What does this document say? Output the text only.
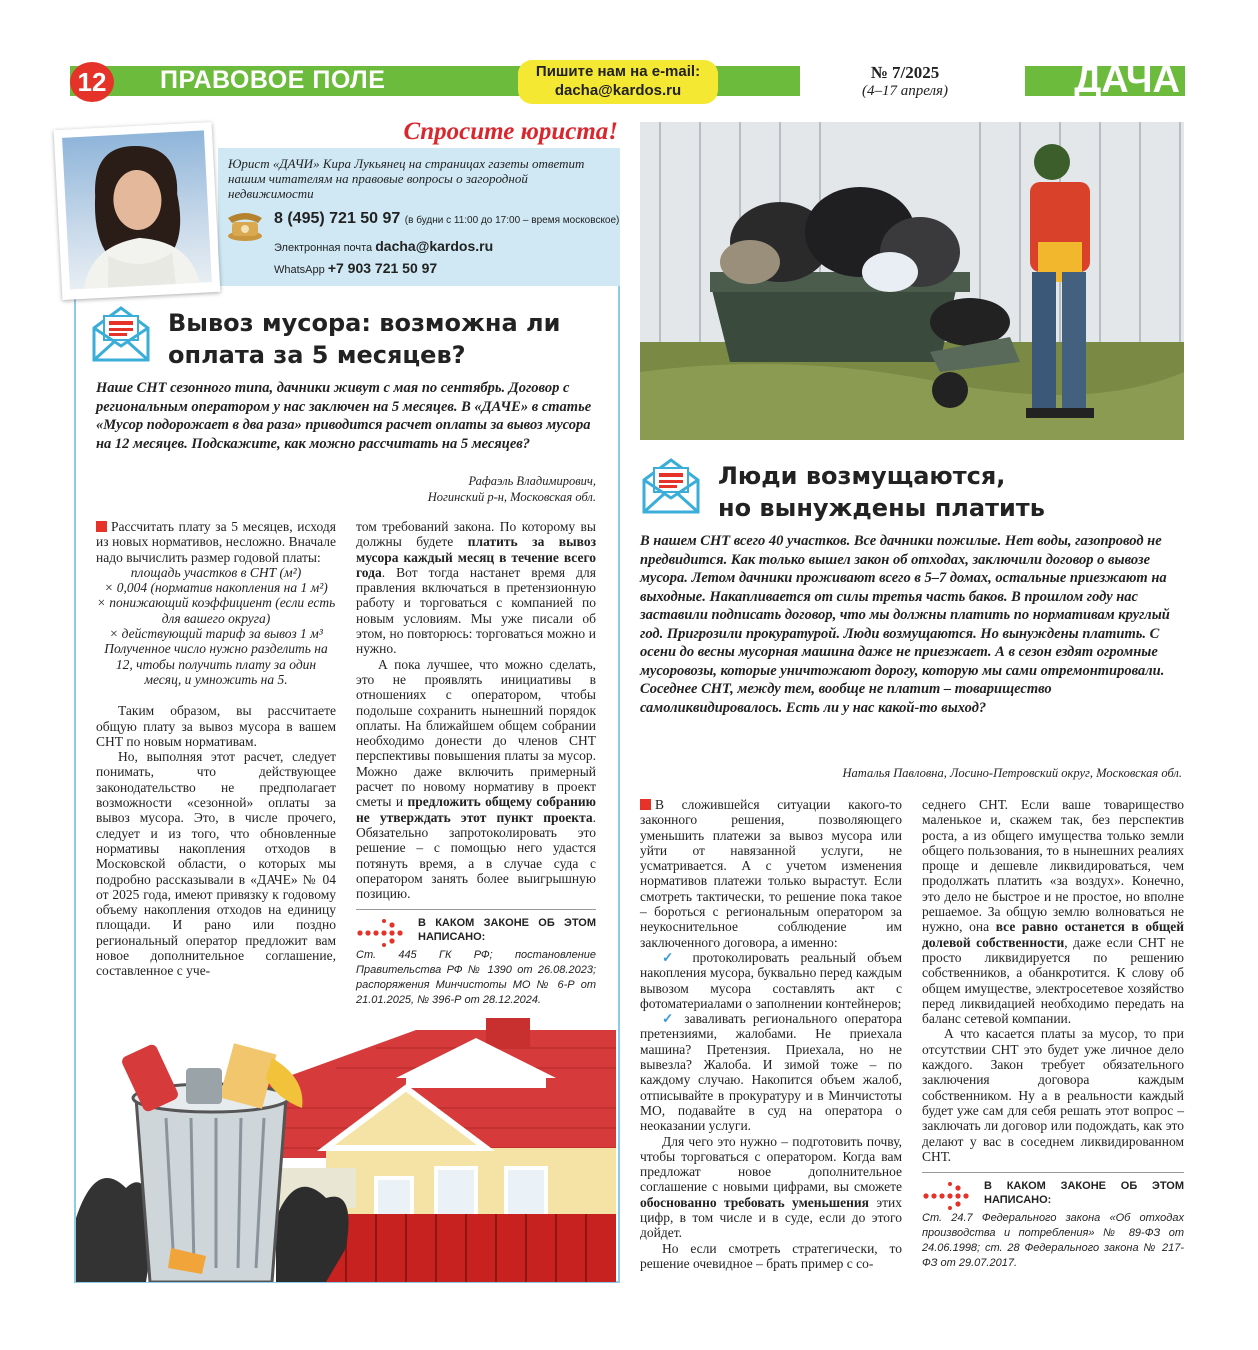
12	ПРАВОВОЕ ПОЛЕ	Пишите нам на e-mail:
dacha@kardos.ru
№ 7/2025
(4–17 апреля)	ДАЧА
Спросите юриста!
Юрист «ДАЧИ» Кира Лукьянец на страницах газеты ответит нашим читателям на правовые вопросы о загородной недвижимости
8 (495) 721 50 97 (в будни с 11:00 до 17:00 – время московское)
Электронная почта dacha@kardos.ru
WhatsApp +7 903 721 50 97
Вывоз мусора: возможна ли
оплата за 5 месяцев?
Наше СНТ сезонного типа, дачники живут с мая по сентябрь. Договор с региональным оператором у нас заключен на 5 месяцев. В «ДАЧЕ» в статье «Мусор подорожает в два раза» приводится расчет оплаты за вывоз мусора на 12 месяцев. Подскажите, как можно рассчитать на 5 месяцев?
Рафаэль Владимирович,
Ногинский р-н, Московская обл.

Рассчитать плату за 5 месяцев, исходя из новых нормативов, несложно. Вначале надо вычислить размер годовой платы:

площадь участков в СНТ (м²)

× 0,004 (норматив накопления на 1 м²)

× понижающий коэффициент (если есть для вашего округа)

× действующий тариф за вывоз 1 м³

Полученное число нужно разделить на 12, чтобы получить плату за один месяц, и умножить на 5.

Таким образом, вы рассчитаете общую плату за вывоз мусора в вашем СНТ по новым нормативам.

Но, выполняя этот расчет, следует понимать, что действующее законодательство не предполагает возможности «сезонной» оплаты за вывоз мусора. Это, в числе прочего, следует и из того, что обновленные нормативы накопления отходов в Московской области, о которых мы подробно рассказывали в «ДАЧЕ» № 04 от 2025 года, имеют привязку к годовому объему накопления отходов на единицу площади. И рано или поздно региональный оператор предложит вам новое дополнительное соглашение, составленное с уче-

том требований закона. По которому вы должны будете платить за вывоз мусора каждый месяц в течение всего года. Вот тогда настанет время для правления включаться в претензионную работу и торговаться с компанией по новым условиям. Мы уже писали об этом, но повторюсь: торговаться можно и нужно.

А пока лучшее, что можно сделать, это не проявлять инициативы в отношениях с оператором, чтобы подольше сохранить нынешний порядок оплаты. На ближайшем общем собрании необходимо донести до членов СНТ перспективы повышения платы за мусор. Можно даже включить примерный расчет по новому нормативу в проект сметы и предложить общему собранию не утверждать этот пункт проекта. Обязательно запротоколировать это решение – с помощью него удастся потянуть время, а в случае суда с оператором занять более выигрышную позицию.

В КАКОМ ЗАКОНЕ ОБ ЭТОМ НАПИСАНО:
Ст. 445 ГК РФ; постановление Правительства РФ № 1390 от 26.08.2023; распоряжения Минчистоты МО № 6-Р от 21.01.2025, № 396-Р от 28.12.2024.
Люди возмущаются,
но вынуждены платить
В нашем СНТ всего 40 участков. Все дачники пожилые. Нет воды, газопровод не предвидится. Как только вышел закон об отходах, заключили договор о вывозе мусора. Летом дачники проживают всего в 5–7 домах, остальные приезжают на выходные. Накапливается от силы третья часть баков. В прошлом году нас заставили подписать договор, что мы должны платить по нормативам круглый год. Пригрозили прокуратурой. Люди возмущаются. Но вынуждены платить. С осени до весны мусорная машина даже не приезжает. А в сезон ездят огромные мусоровозы, которые уничтожают дорогу, которую мы сами отремонтировали. Соседнее СНТ, между тем, вообще не платит – товарищество самоликвидировалось. Есть ли у нас какой-то выход?
Наталья Павловна, Лосино-Петровский округ, Московская обл.

В сложившейся ситуации какого-то законного решения, позволяющего уменьшить платежи за вывоз мусора или уйти от навязанной услуги, не усматривается. А с учетом изменения нормативов платежи только вырастут. Если смотреть тактически, то решение пока такое – бороться с региональным оператором за неукоснительное соблюдение им заключенного договора, а именно:

✓ протоколировать реальный объем накопления мусора, буквально перед каждым вывозом мусора составлять акт с фотоматериалами о заполнении контейнеров;

✓ заваливать регионального оператора претензиями, жалобами. Не приехала машина? Претензия. Приехала, но не вывезла? Жалоба. И зимой тоже – по каждому случаю. Накопится объем жалоб, отписывайте в прокуратуру и в Минчистоты МО, подавайте в суд на оператора о неоказании услуги.

Для чего это нужно – подготовить почву, чтобы торговаться с оператором. Когда вам предложат новое дополнительное соглашение с новыми цифрами, вы сможете обоснованно требовать уменьшения этих цифр, в том числе и в суде, если до этого дойдет.

Но если смотреть стратегически, то решение очевидное – брать пример с со-

седнего СНТ. Если ваше товарищество маленькое и, скажем так, без перспектив роста, а из общего имущества только земли общего пользования, то в нынешних реалиях проще и дешевле ликвидироваться, чем продолжать платить «за воздух». Конечно, это дело не быстрое и не простое, но вполне решаемое. За общую землю волноваться не нужно, она все равно останется в общей долевой собственности, даже если СНТ не просто ликвидируется по решению собственников, а обанкротится. К слову об общем имуществе, электросетевое хозяйство перед ликвидацией необходимо передать на баланс сетевой компании.

А что касается платы за мусор, то при отсутствии СНТ это будет уже личное дело каждого. Закон требует обязательного заключения договора каждым собственником. Ну а в реальности каждый будет уже сам для себя решать этот вопрос – заключать ли договор или подождать, как это делают у вас в соседнем ликвидированном СНТ.

В КАКОМ ЗАКОНЕ ОБ ЭТОМ НАПИСАНО:
Ст. 24.7 Федерального закона «Об отходах производства и потребления» № 89-ФЗ от 24.06.1998; ст. 28 Федерального закона № 217-ФЗ от 29.07.2017.
